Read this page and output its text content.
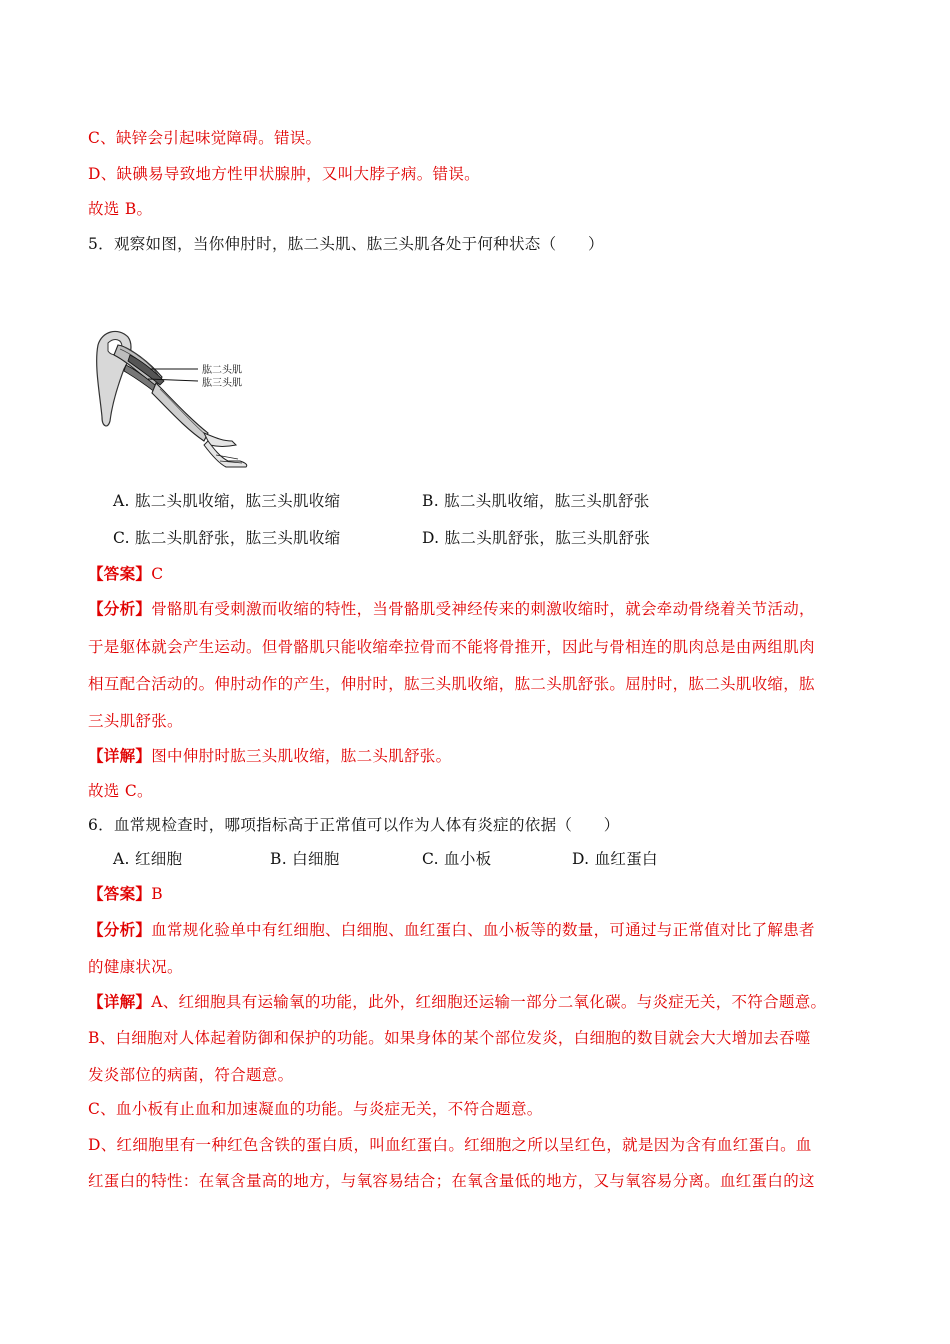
C、缺锌会引起味觉障碍。错误。
D、缺碘易导致地方性甲状腺肿，又叫大脖子病。错误。
故选 B。
5．观察如图，当你伸肘时，肱二头肌、肱三头肌各处于何种状态（　　）
肱二头肌
肱三头肌
A. 肱二头肌收缩，肱三头肌收缩	B. 肱二头肌收缩，肱三头肌舒张
C. 肱二头肌舒张，肱三头肌收缩	D. 肱二头肌舒张，肱三头肌舒张
【答案】C
【分析】骨骼肌有受刺激而收缩的特性，当骨骼肌受神经传来的刺激收缩时，就会牵动骨绕着关节活动，
于是躯体就会产生运动。但骨骼肌只能收缩牵拉骨而不能将骨推开，因此与骨相连的肌肉总是由两组肌肉
相互配合活动的。伸肘动作的产生，伸肘时，肱三头肌收缩，肱二头肌舒张。屈肘时，肱二头肌收缩，肱
三头肌舒张。
【详解】图中伸肘时肱三头肌收缩，肱二头肌舒张。
故选 C。
6．血常规检查时，哪项指标高于正常值可以作为人体有炎症的依据（　　）
A. 红细胞	B. 白细胞	C. 血小板	D. 血红蛋白
【答案】B
【分析】血常规化验单中有红细胞、白细胞、血红蛋白、血小板等的数量，可通过与正常值对比了解患者
的健康状况。
【详解】A、红细胞具有运输氧的功能，此外，红细胞还运输一部分二氧化碳。与炎症无关，不符合题意。
B、白细胞对人体起着防御和保护的功能。如果身体的某个部位发炎，白细胞的数目就会大大增加去吞噬
发炎部位的病菌，符合题意。
C、血小板有止血和加速凝血的功能。与炎症无关，不符合题意。
D、红细胞里有一种红色含铁的蛋白质，叫血红蛋白。红细胞之所以呈红色，就是因为含有血红蛋白。血
红蛋白的特性：在氧含量高的地方，与氧容易结合；在氧含量低的地方，又与氧容易分离。血红蛋白的这
